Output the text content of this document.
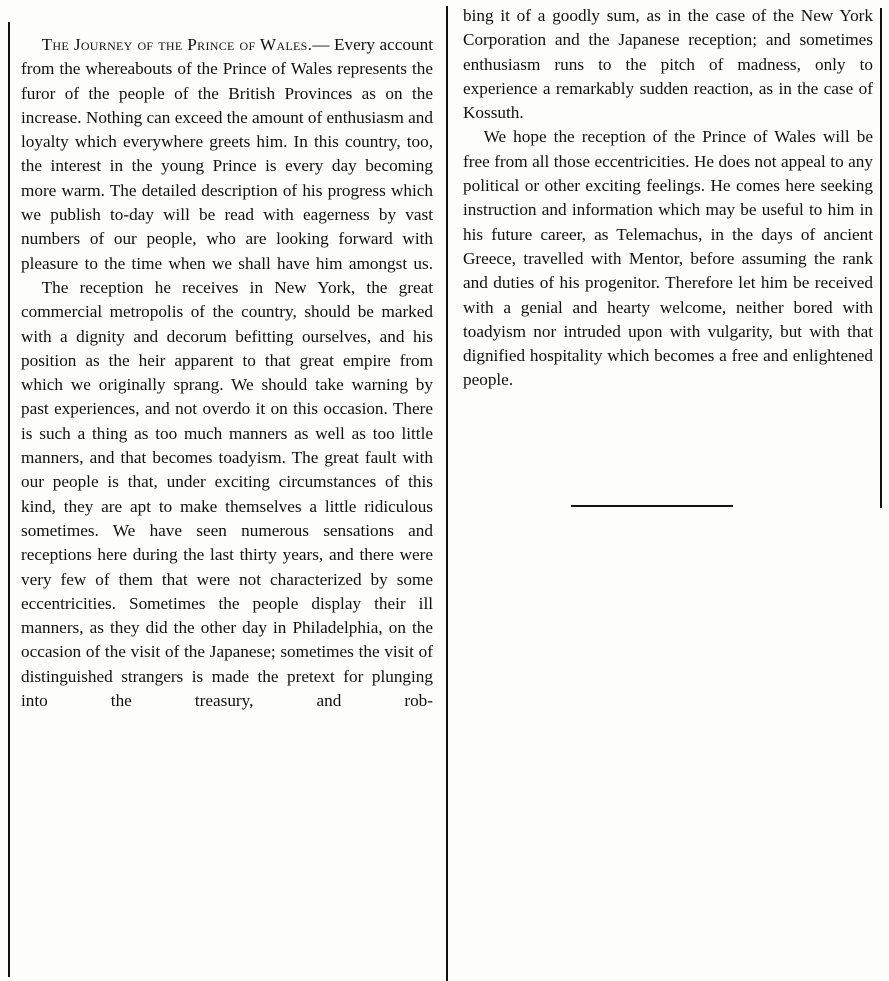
The Journey of the Prince of Wales.— Every account from the whereabouts of the Prince of Wales represents the furor of the people of the British Provinces as on the increase. Nothing can exceed the amount of enthusiasm and loyalty which everywhere greets him. In this country, too, the interest in the young Prince is every day becoming more warm. The detailed description of his progress which we publish to-day will be read with eagerness by vast numbers of our people, who are looking forward with pleasure to the time when we shall have him amongst us.

The reception he receives in New York, the great commercial metropolis of the country, should be marked with a dignity and decorum befitting ourselves, and his position as the heir apparent to that great empire from which we originally sprang. We should take warning by past experiences, and not overdo it on this occasion. There is such a thing as too much manners as well as too little manners, and that becomes toadyism. The great fault with our people is that, under exciting circumstances of this kind, they are apt to make themselves a little ridiculous sometimes. We have seen numerous sensations and receptions here during the last thirty years, and there were very few of them that were not characterized by some eccentricities. Sometimes the people display their ill manners, as they did the other day in Philadelphia, on the occasion of the visit of the Japanese; sometimes the visit of distinguished strangers is made the pretext for plunging into the treasury, and rob-

bing it of a goodly sum, as in the case of the New York Corporation and the Japanese reception; and sometimes enthusiasm runs to the pitch of madness, only to experience a remarkably sudden reaction, as in the case of Kossuth.

We hope the reception of the Prince of Wales will be free from all those eccentricities. He does not appeal to any political or other exciting feelings. He comes here seeking instruction and information which may be useful to him in his future career, as Telemachus, in the days of ancient Greece, travelled with Mentor, before assuming the rank and duties of his progenitor. Therefore let him be received with a genial and hearty welcome, neither bored with toadyism nor intruded upon with vulgarity, but with that dignified hospitality which becomes a free and enlightened people.
